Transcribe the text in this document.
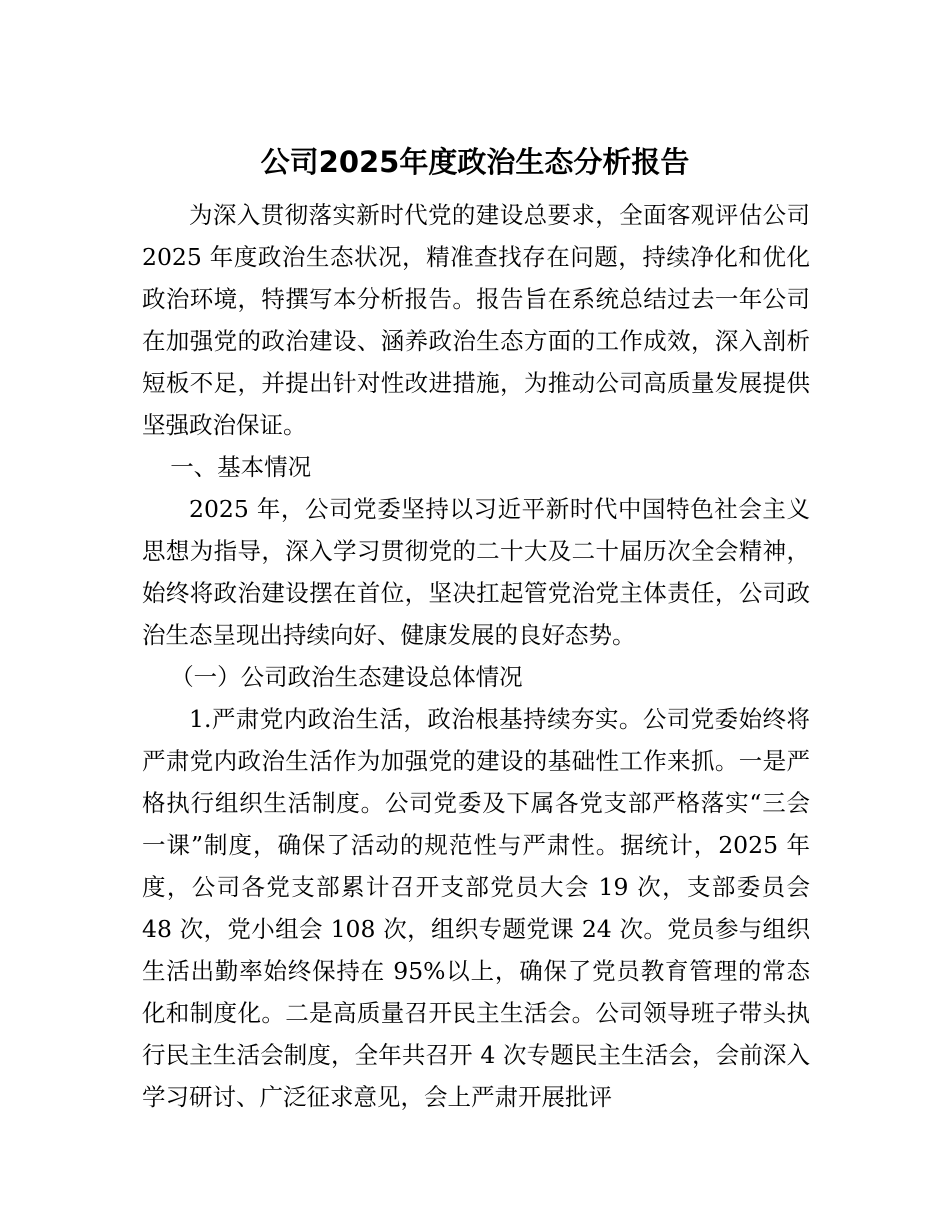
公司2025年度政治生态分析报告

为深入贯彻落实新时代党的建设总要求，全面客观评估公司 2025 年度政治生态状况，精准查找存在问题，持续净化和优化政治环境，特撰写本分析报告。报告旨在系统总结过去一年公司在加强党的政治建设、涵养政治生态方面的工作成效，深入剖析短板不足，并提出针对性改进措施，为推动公司高质量发展提供坚强政治保证。

一、基本情况

2025 年，公司党委坚持以习近平新时代中国特色社会主义思想为指导，深入学习贯彻党的二十大及二十届历次全会精神，始终将政治建设摆在首位，坚决扛起管党治党主体责任，公司政治生态呈现出持续向好、健康发展的良好态势。

（一）公司政治生态建设总体情况

1.严肃党内政治生活，政治根基持续夯实。公司党委始终将严肃党内政治生活作为加强党的建设的基础性工作来抓。一是严格执行组织生活制度。公司党委及下属各党支部严格落实“三会一课”制度，确保了活动的规范性与严肃性。据统计，2025 年度，公司各党支部累计召开支部党员大会 19 次，支部委员会 48 次，党小组会 108 次，组织专题党课 24 次。党员参与组织生活出勤率始终保持在 95%以上，确保了党员教育管理的常态化和制度化。二是高质量召开民主生活会。公司领导班子带头执行民主生活会制度，全年共召开 4 次专题民主生活会，会前深入学习研讨、广泛征求意见，会上严肃开展批评
